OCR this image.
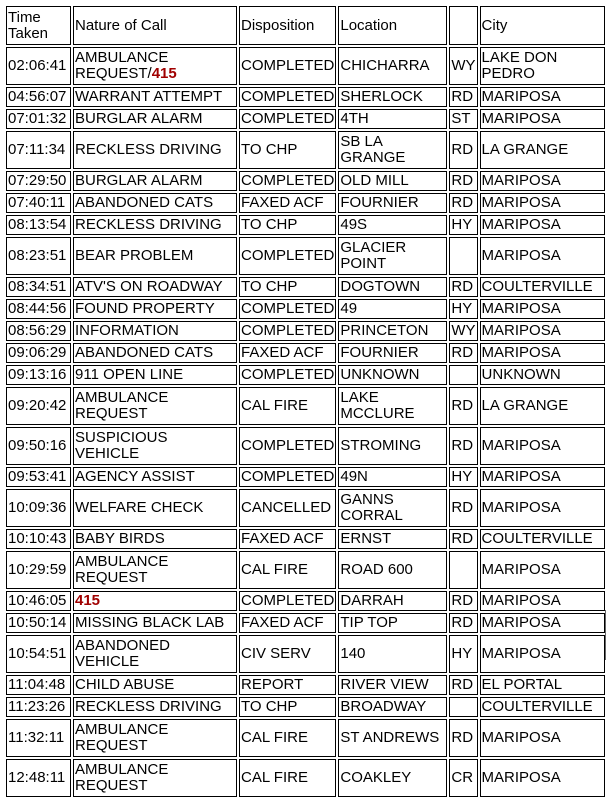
Time Taken	Nature of Call	Disposition	Location		City
02:06:41	AMBULANCE REQUEST/415	COMPLETED	CHICHARRA	WY	LAKE DON PEDRO
04:56:07	WARRANT ATTEMPT	COMPLETED	SHERLOCK	RD	MARIPOSA
07:01:32	BURGLAR ALARM	COMPLETED	4TH	ST	MARIPOSA
07:11:34	RECKLESS DRIVING	TO CHP	SB LA GRANGE	RD	LA GRANGE
07:29:50	BURGLAR ALARM	COMPLETED	OLD MILL	RD	MARIPOSA
07:40:11	ABANDONED CATS	FAXED ACF	FOURNIER	RD	MARIPOSA
08:13:54	RECKLESS DRIVING	TO CHP	49S	HY	MARIPOSA
08:23:51	BEAR PROBLEM	COMPLETED	GLACIER POINT		MARIPOSA
08:34:51	ATV'S ON ROADWAY	TO CHP	DOGTOWN	RD	COULTERVILLE
08:44:56	FOUND PROPERTY	COMPLETED	49	HY	MARIPOSA
08:56:29	INFORMATION	COMPLETED	PRINCETON	WY	MARIPOSA
09:06:29	ABANDONED CATS	FAXED ACF	FOURNIER	RD	MARIPOSA
09:13:16	911 OPEN LINE	COMPLETED	UNKNOWN		UNKNOWN
09:20:42	AMBULANCE REQUEST	CAL FIRE	LAKE MCCLURE	RD	LA GRANGE
09:50:16	SUSPICIOUS VEHICLE	COMPLETED	STROMING	RD	MARIPOSA
09:53:41	AGENCY ASSIST	COMPLETED	49N	HY	MARIPOSA
10:09:36	WELFARE CHECK	CANCELLED	GANNS CORRAL	RD	MARIPOSA
10:10:43	BABY BIRDS	FAXED ACF	ERNST	RD	COULTERVILLE
10:29:59	AMBULANCE REQUEST	CAL FIRE	ROAD 600		MARIPOSA
10:46:05	415	COMPLETED	DARRAH	RD	MARIPOSA
10:50:14	MISSING BLACK LAB	FAXED ACF	TIP TOP	RD	MARIPOSA
10:54:51	ABANDONED VEHICLE	CIV SERV	140	HY	MARIPOSA
11:04:48	CHILD ABUSE	REPORT	RIVER VIEW	RD	EL PORTAL
11:23:26	RECKLESS DRIVING	TO CHP	BROADWAY		COULTERVILLE
11:32:11	AMBULANCE REQUEST	CAL FIRE	ST ANDREWS	RD	MARIPOSA
12:48:11	AMBULANCE REQUEST	CAL FIRE	COAKLEY	CR	MARIPOSA
